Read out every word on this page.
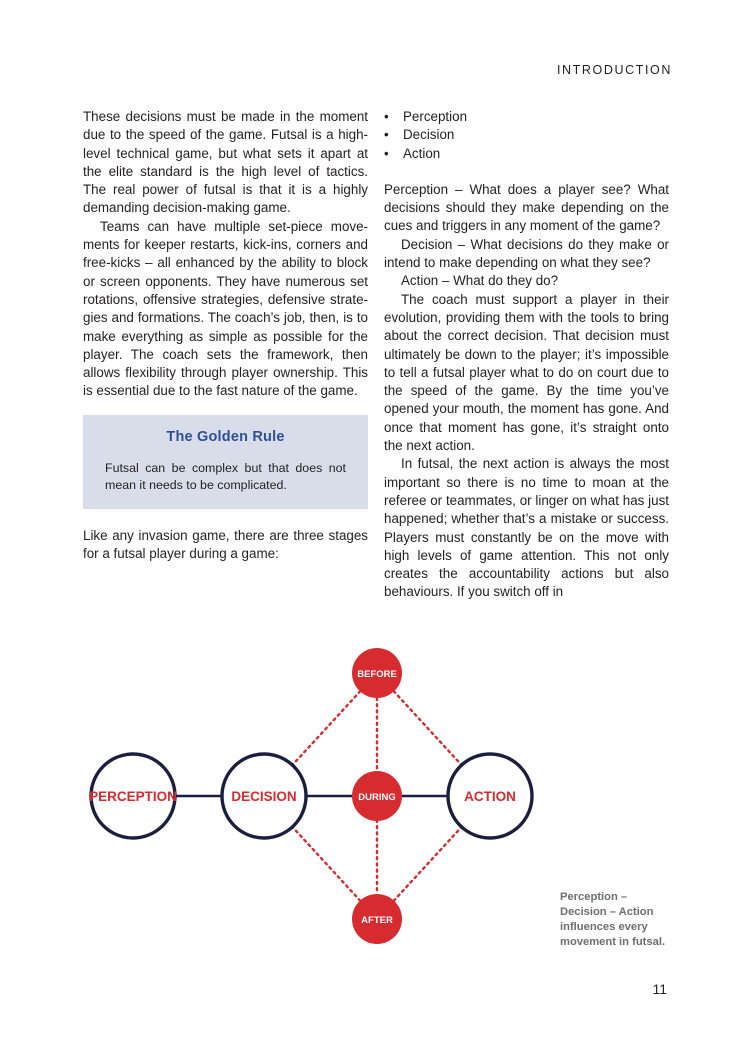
INTRODUCTION

These decisions must be made in the moment due to the speed of the game. Futsal is a high-level technical game, but what sets it apart at the elite standard is the high level of tactics. The real power of futsal is that it is a highly demanding decision-making game.

Teams can have multiple set-piece movements for keeper restarts, kick-ins, corners and free-kicks – all enhanced by the ability to block or screen opponents. They have numerous set rotations, offensive strategies, defensive strategies and formations. The coach’s job, then, is to make everything as simple as possible for the player. The coach sets the framework, then allows flexibility through player ownership. This is essential due to the fast nature of the game.

The Golden Rule
Futsal can be complex but that does not mean it needs to be complicated.

Like any invasion game, there are three stages for a futsal player during a game:

• Perception
• Decision
• Action

Perception – What does a player see? What decisions should they make depending on the cues and triggers in any moment of the game?

Decision – What decisions do they make or intend to make depending on what they see?

Action – What do they do?

The coach must support a player in their evolution, providing them with the tools to bring about the correct decision. That decision must ultimately be down to the player; it’s impossible to tell a futsal player what to do on court due to the speed of the game. By the time you’ve opened your mouth, the moment has gone. And once that moment has gone, it’s straight onto the next action.

In futsal, the next action is always the most important so there is no time to moan at the referee or teammates, or linger on what has just happened; whether that’s a mistake or success. Players must constantly be on the move with high levels of game attention. This not only creates the accountability actions but also behaviours. If you switch off in

PERCEPTION	DECISION	ACTION
BEFORE
DURING
AFTER

Perception –

Decision – Action

influences every

movement in futsal.

11
